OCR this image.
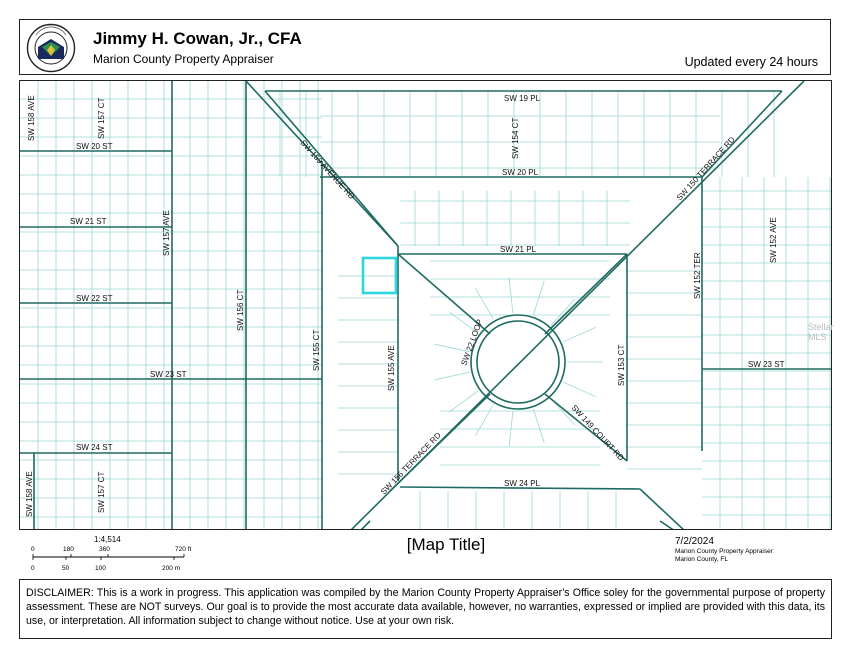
Jimmy H. Cowan, Jr., CFA
Marion County Property Appraiser	Updated every 24 hours
SW 158 AVE	SW 157 CT
SW 20 ST
SW 21 ST	SW 157 AVE
SW 22 ST	SW 156 CT
SW 155 CT
SW 23 ST
SW 24 ST
SW 158 AVE	SW 157 CT
SW 159 AVENUE RD
SW 19 PL
SW 154 CT
SW 20 PL	SW 150 TERRACE RD
SW 21 PL	SW 152 AVE
SW 152 TER
SW 22 LOOP
SW 155 AVE	SW 153 CT	SW 23 ST
SW 149 COURT RD
SW 156 TERRACE RD	SW 24 PL
Stellar MLS
1:4,514
0	180	360	720 ft
0	50	100	200 m
[Map Title]	7/2/2024
Marion County Property Appraiser
Marion County, FL
DISCLAIMER: This is a work in progress. This application was compiled by the Marion County Property Appraiser's Office soley for the governmental purpose of property assessment. These are NOT surveys. Our goal is to provide the most accurate data available, however, no warranties, expressed or implied are provided with this data, its use, or interpretation. All information subject to change without notice. Use at your own risk.
